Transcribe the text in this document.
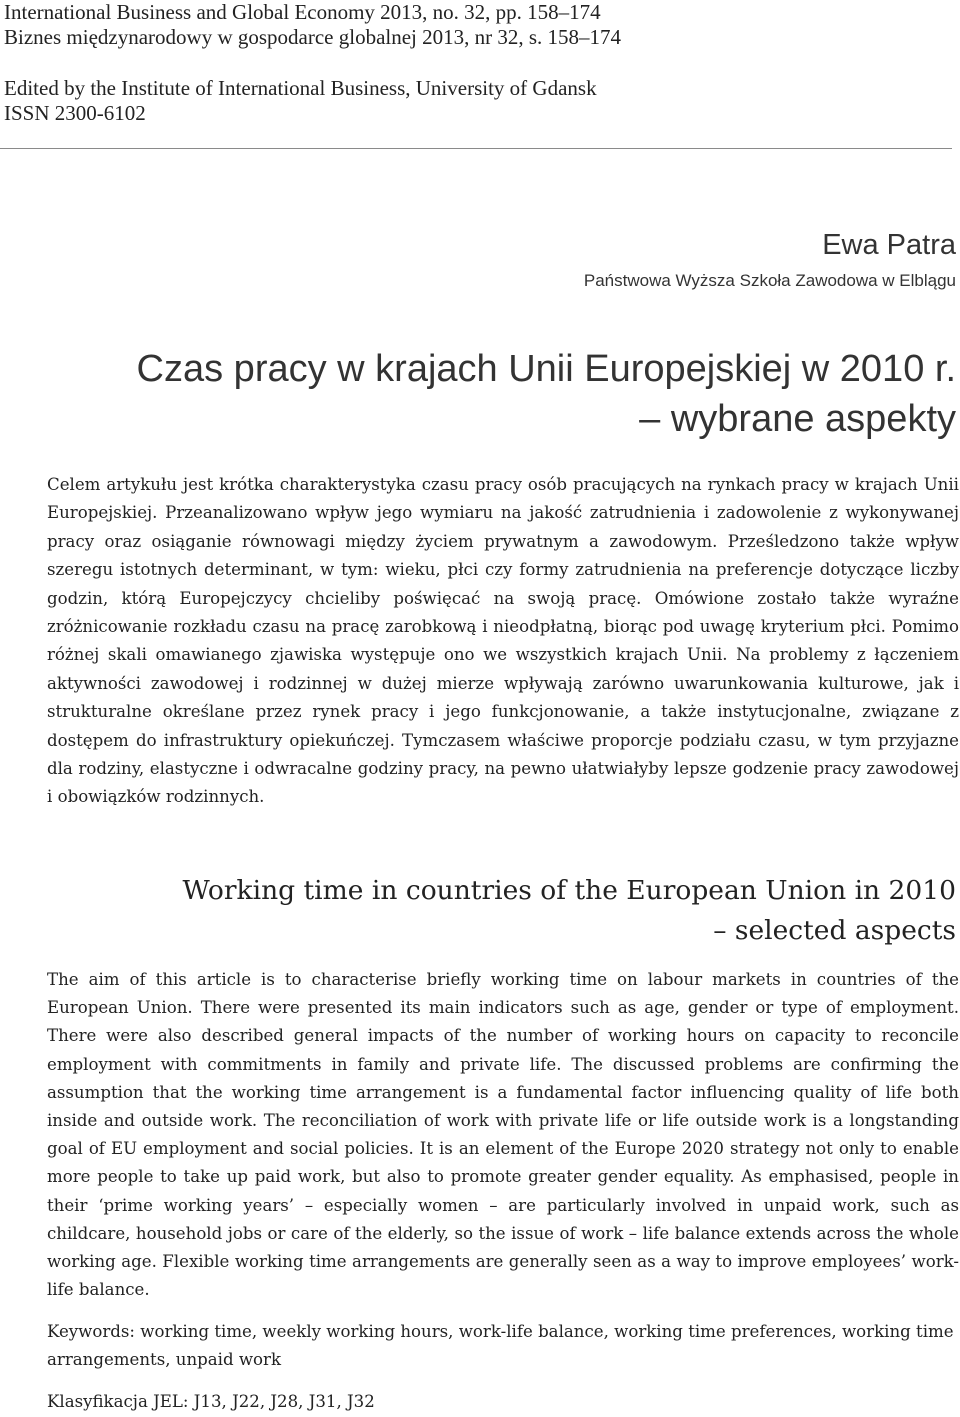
International Business and Global Economy 2013, no. 32, pp. 158–174
Biznes międzynarodowy w gospodarce globalnej 2013, nr 32, s. 158–174
Edited by the Institute of International Business, University of Gdansk
ISSN 2300-6102
Ewa Patra
Państwowa Wyższa Szkoła Zawodowa w Elblągu
Czas pracy w krajach Unii Europejskiej w 2010 r.
– wybrane aspekty

Celem artykułu jest krótka charakterystyka czasu pracy osób pracujących na rynkach pracy w krajach Unii Europejskiej. Przeanalizowano wpływ jego wymiaru na jakość zatrudnienia i zadowolenie z wykonywanej pracy oraz osiąganie równowagi między życiem prywatnym a zawodowym. Prześledzono także wpływ szeregu istotnych determinant, w tym: wieku, płci czy formy zatrudnienia na preferencje dotyczące liczby godzin, którą Europejczycy chcieliby poświęcać na swoją pracę. Omówione zostało także wyraźne zróżnicowanie rozkładu czasu na pracę zarobkową i nieodpłatną, biorąc pod uwagę kryterium płci. Pomimo różnej skali omawianego zjawiska występuje ono we wszystkich krajach Unii. Na problemy z łączeniem aktywności zawodowej i rodzinnej w dużej mierze wpływają zarówno uwarunkowania kulturowe, jak i strukturalne określane przez rynek pracy i jego funkcjonowanie, a także instytucjonalne, związane z dostępem do infrastruktury opiekuńczej. Tymczasem właściwe proporcje podziału czasu, w tym przyjazne dla rodziny, elastyczne i odwracalne godziny pracy, na pewno ułatwiałyby lepsze godzenie pracy zawodowej i obowiązków rodzinnych.

Working time in countries of the European Union in 2010
– selected aspects

The aim of this article is to characterise briefly working time on labour markets in countries of the European Union. There were presented its main indicators such as age, gender or type of employment. There were also described general impacts of the number of working hours on capacity to reconcile employment with commitments in family and private life. The discussed problems are confirming the assumption that the working time arrangement is a fundamental factor influencing quality of life both inside and outside work. The reconciliation of work with private life or life outside work is a longstanding goal of EU employment and social policies. It is an element of the Europe 2020 strategy not only to enable more people to take up paid work, but also to promote greater gender equality. As emphasised, people in their ‘prime working years’ – especially women – are particularly involved in unpaid work, such as childcare, household jobs or care of the elderly, so the issue of work – life balance extends across the whole working age. Flexible working time arrangements are generally seen as a way to improve employees’ work-life balance.

Keywords: working time, weekly working hours, work-life balance, working time preferences, working time arrangements, unpaid work

Klasyfikacja JEL: J13, J22, J28, J31, J32
